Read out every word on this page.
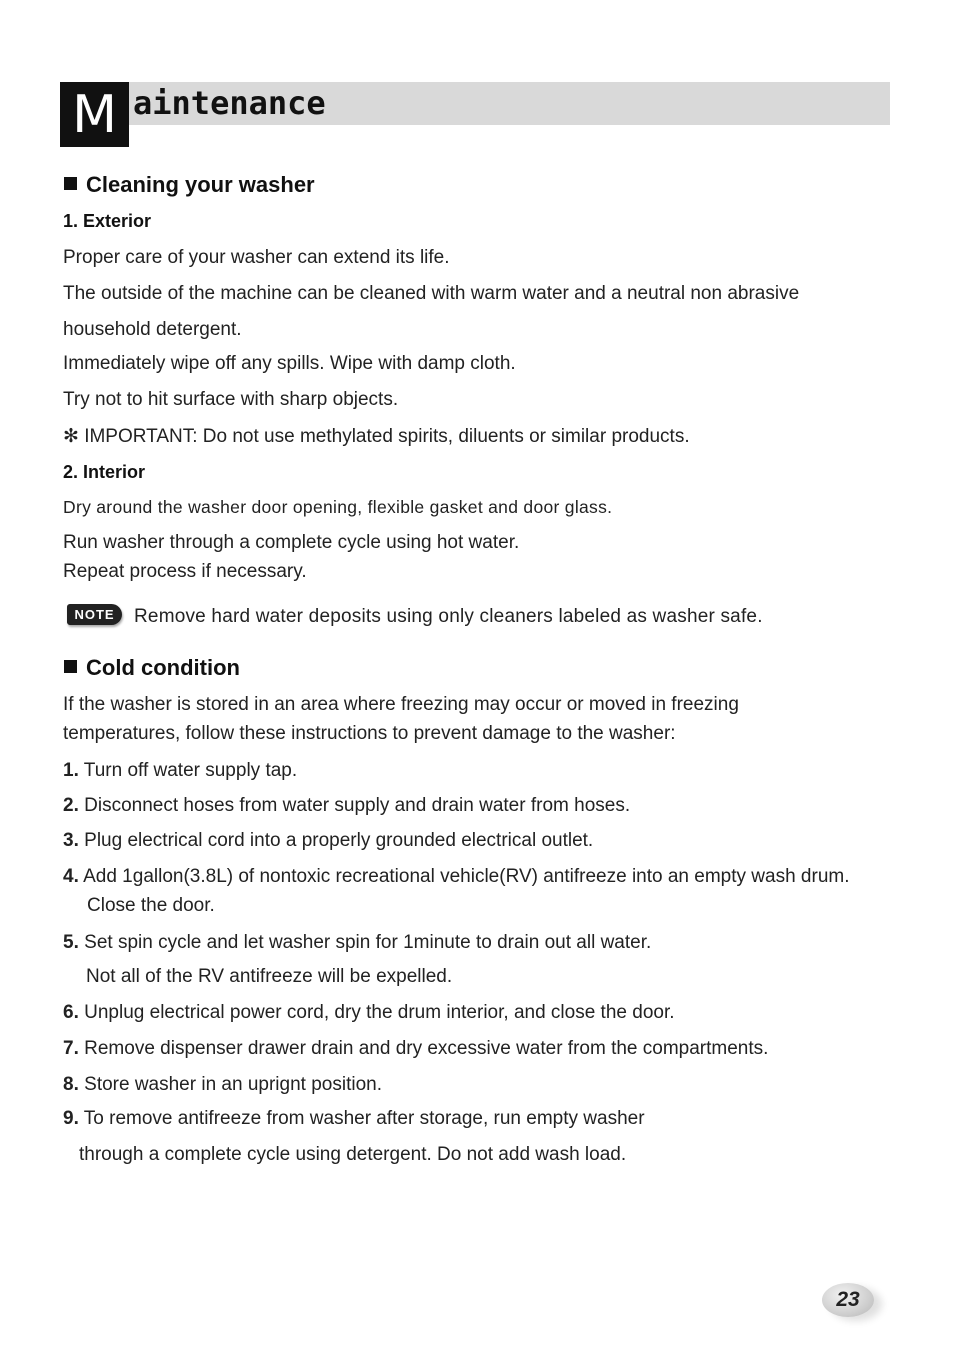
M aintenance
Cleaning your washer
1. Exterior
Proper care of your washer can extend its life.
The outside of the machine can be cleaned with warm water and a neutral non abrasive
household detergent.
Immediately wipe off any spills. Wipe with damp cloth.
Try not to hit surface with sharp objects.
✻ IMPORTANT: Do not use methylated spirits, diluents or similar products.
2. Interior
Dry around the washer door opening, flexible gasket and door glass.
Run washer through a complete cycle using hot water.
Repeat process if necessary.
NOTE	Remove hard water deposits using only cleaners labeled as washer safe.
Cold condition
If the washer is stored in an area where freezing may occur or moved in freezing
temperatures, follow these instructions to prevent damage to the washer:
1. Turn off water supply tap.
2. Disconnect hoses from water supply and drain water from hoses.
3. Plug electrical cord into a properly grounded electrical outlet.
4. Add 1gallon(3.8L) of nontoxic recreational vehicle(RV) antifreeze into an empty wash drum.
Close the door.
5. Set spin cycle and let washer spin for 1minute to drain out all water.
Not all of the RV antifreeze will be expelled.
6. Unplug electrical power cord, dry the drum interior, and close the door.
7. Remove dispenser drawer drain and dry excessive water from the compartments.
8. Store washer in an uprignt position.
9. To remove antifreeze from washer after storage, run empty washer
through a complete cycle using detergent. Do not add wash load.
23
